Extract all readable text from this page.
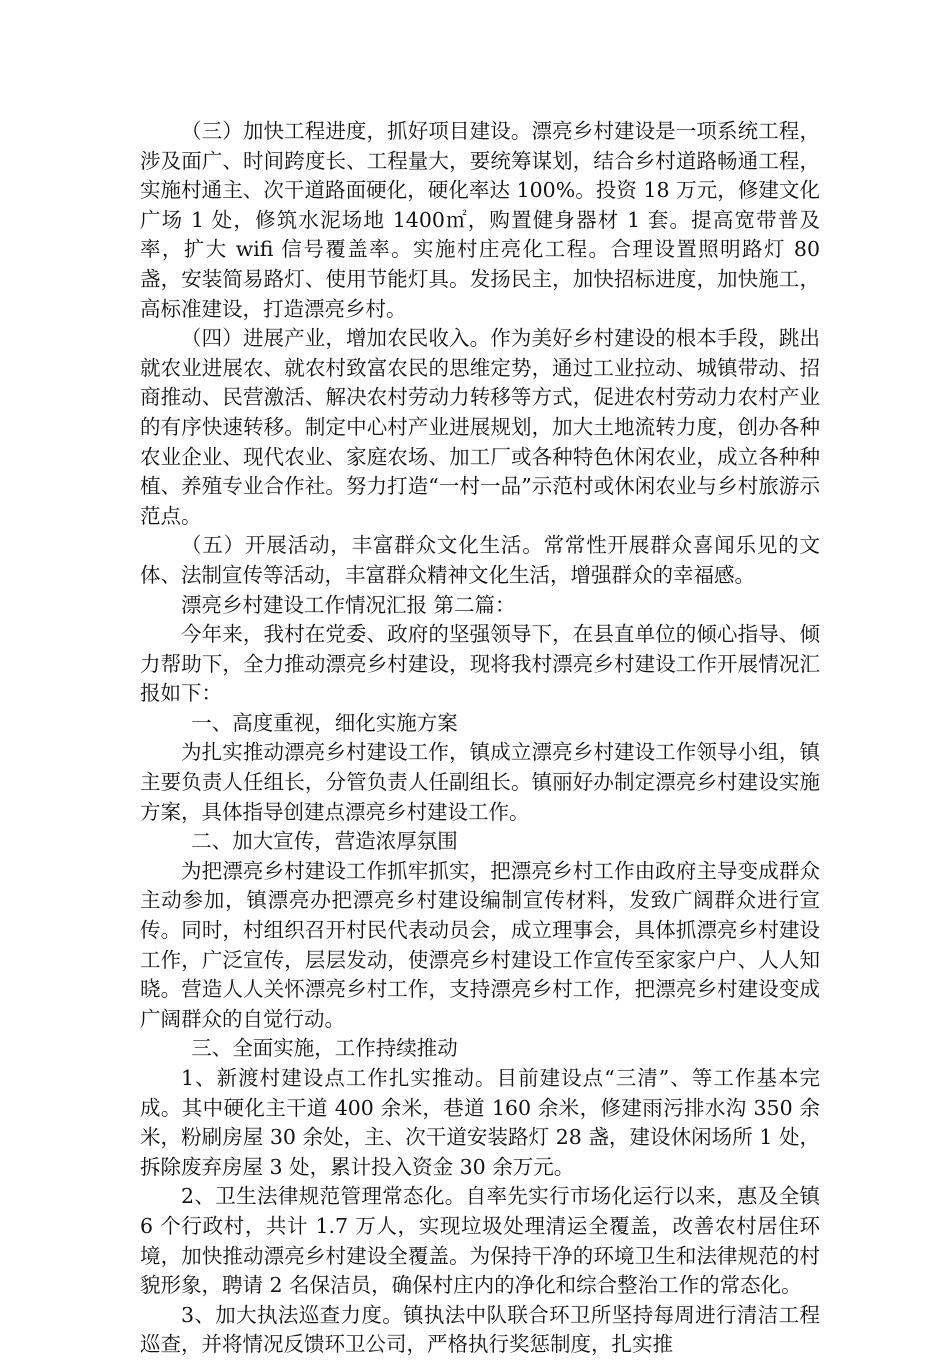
（三）加快工程进度，抓好项目建设。漂亮乡村建设是一项系统工程，涉及面广、时间跨度长、工程量大，要统筹谋划，结合乡村道路畅通工程，实施村通主、次干道路面硬化，硬化率达 100%。投资 18 万元，修建文化广场 1 处，修筑水泥场地 1400㎡，购置健身器材 1 套。提高宽带普及率，扩大 wifi 信号覆盖率。实施村庄亮化工程。合理设置照明路灯 80 盏，安装简易路灯、使用节能灯具。发扬民主，加快招标进度，加快施工，高标准建设，打造漂亮乡村。

（四）进展产业，增加农民收入。作为美好乡村建设的根本手段，跳出就农业进展农、就农村致富农民的思维定势，通过工业拉动、城镇带动、招商推动、民营激活、解决农村劳动力转移等方式，促进农村劳动力农村产业的有序快速转移。制定中心村产业进展规划，加大土地流转力度，创办各种农业企业、现代农业、家庭农场、加工厂或各种特色休闲农业，成立各种种植、养殖专业合作社。努力打造“一村一品”示范村或休闲农业与乡村旅游示范点。

（五）开展活动，丰富群众文化生活。常常性开展群众喜闻乐见的文体、法制宣传等活动，丰富群众精神文化生活，增强群众的幸福感。

漂亮乡村建设工作情况汇报 第二篇：

今年来，我村在党委、政府的坚强领导下，在县直单位的倾心指导、倾力帮助下，全力推动漂亮乡村建设，现将我村漂亮乡村建设工作开展情况汇报如下：

一、高度重视，细化实施方案

为扎实推动漂亮乡村建设工作，镇成立漂亮乡村建设工作领导小组，镇主要负责人任组长，分管负责人任副组长。镇丽好办制定漂亮乡村建设实施方案，具体指导创建点漂亮乡村建设工作。

二、加大宣传，营造浓厚氛围

为把漂亮乡村建设工作抓牢抓实，把漂亮乡村工作由政府主导变成群众主动参加，镇漂亮办把漂亮乡村建设编制宣传材料，发致广阔群众进行宣传。同时，村组织召开村民代表动员会，成立理事会，具体抓漂亮乡村建设工作，广泛宣传，层层发动，使漂亮乡村建设工作宣传至家家户户、人人知晓。营造人人关怀漂亮乡村工作，支持漂亮乡村工作，把漂亮乡村建设变成广阔群众的自觉行动。

三、全面实施，工作持续推动

1、新渡村建设点工作扎实推动。目前建设点“三清”、等工作基本完成。其中硬化主干道 400 余米，巷道 160 余米，修建雨污排水沟 350 余米，粉刷房屋 30 余处，主、次干道安装路灯 28 盏，建设休闲场所 1 处，拆除废弃房屋 3 处，累计投入资金 30 余万元。

2、卫生法律规范管理常态化。自率先实行市场化运行以来，惠及全镇 6 个行政村，共计 1.7 万人，实现垃圾处理清运全覆盖，改善农村居住环境，加快推动漂亮乡村建设全覆盖。为保持干净的环境卫生和法律规范的村貌形象，聘请 2 名保洁员，确保村庄内的净化和综合整治工作的常态化。

3、加大执法巡查力度。镇执法中队联合环卫所坚持每周进行清洁工程巡查，并将情况反馈环卫公司，严格执行奖惩制度，扎实推
